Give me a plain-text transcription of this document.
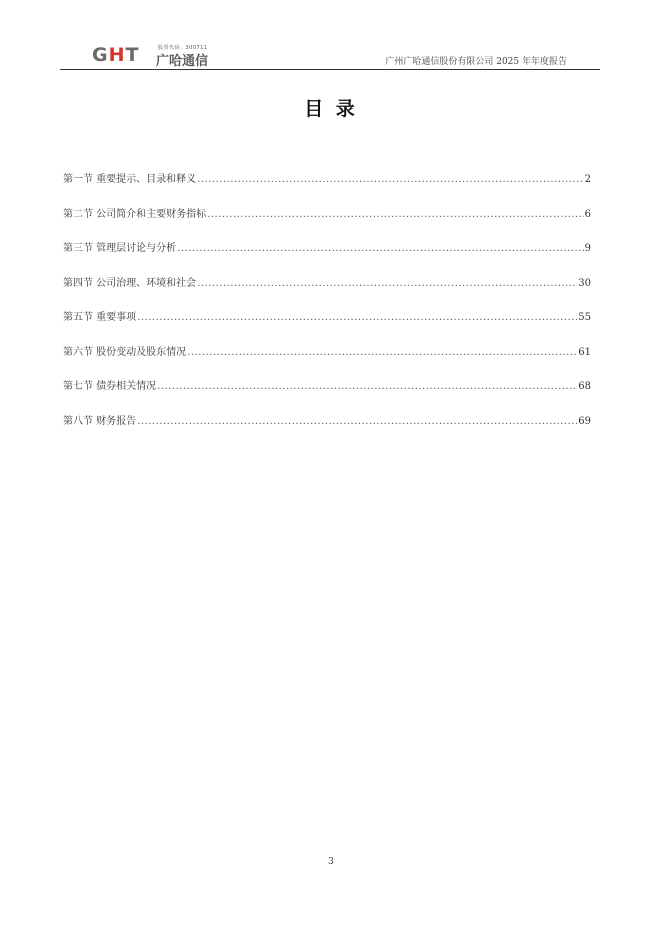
GHT	股票代码：300711
广哈通信	广州广哈通信股份有限公司 2025 年年度报告
目 录
第一节 重要提示、目录和释义 .....	2
第二节 公司简介和主要财务指标 .....	6
第三节 管理层讨论与分析 .....	9
第四节 公司治理、环境和社会 .....	30
第五节 重要事项 .....	55
第六节 股份变动及股东情况 .....	61
第七节 债券相关情况 .....	68
第八节 财务报告 .....	69
3
